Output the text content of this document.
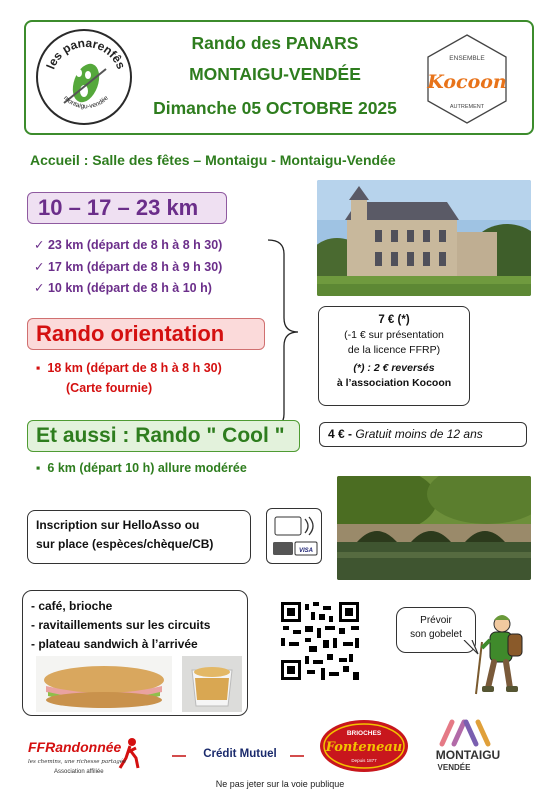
les panarenfês
montaigu-vendée
Rando des PANARS
MONTAIGU-VENDÉE
Dimanche 05 OCTOBRE 2025
ENSEMBLE
Kocoon
AUTREMENT
Accueil : Salle des fêtes – Montaigu - Montaigu-Vendée
10 – 17 – 23 km
✓ 23 km (départ de 8 h à 8 h 30)
✓ 17 km (départ de 8 h à 9 h 30)
✓ 10 km (départ de 8 h à 10 h)
Rando orientation
▪  18 km (départ de 8 h à 8 h 30)
(Carte fournie)
7 € (*)
(-1 € sur présentation
de la licence FFRP)
(*) : 2 € reversés
à l’association Kocoon
Et aussi : Rando " Cool "	4 € - Gratuit moins de 12 ans
▪  6 km (départ 10 h) allure modérée
Inscription sur HelloAsso ou
sur place (espèces/chèque/CB)	VISA
Prévoir
son gobelet
- café, brioche
- ravitaillements sur les circuits
- plateau sandwich à l’arrivée
FFRandonnée
les chemins, une richesse partagée
Association affiliée
Crédit Mutuel
BRIOCHES
Fonteneau
Depuis 1877	MONTAIGU
VENDÉE
Ne pas jeter sur la voie publique
